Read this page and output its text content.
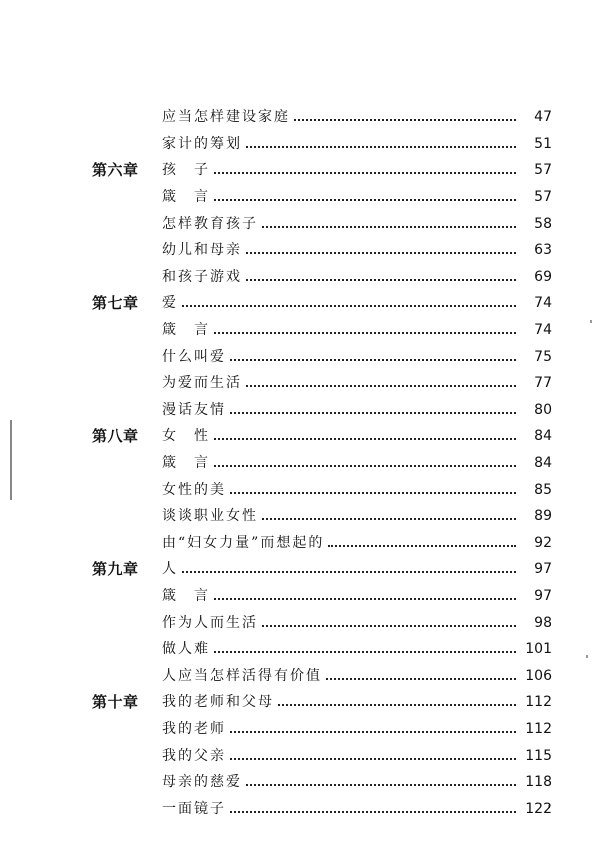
应当怎样建设家庭	47
家计的筹划	51
第六章	孩　子	57
箴　言	57
怎样教育孩子	58
幼儿和母亲	63
和孩子游戏	69
第七章	爱	74
箴　言	74
什么叫爱	75
为爱而生活	77
漫话友情	80
第八章	女　性	84
箴　言	84
女性的美	85
谈谈职业女性	89
由“妇女力量”而想起的	92
第九章	人	97
箴　言	97
作为人而生活	98
做人难	101
人应当怎样活得有价值	106
第十章	我的老师和父母	112
我的老师	112
我的父亲	115
母亲的慈爱	118
一面镜子	122
